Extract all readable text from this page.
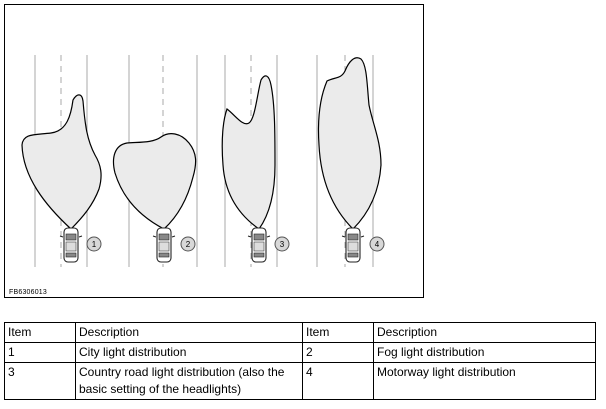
1	2	3	4
FB6306013
Item	Description	Item	Description
1	City light distribution	2	Fog light distribution
3	Country road light distribution (also the basic setting of the headlights)	4	Motorway light distribution
